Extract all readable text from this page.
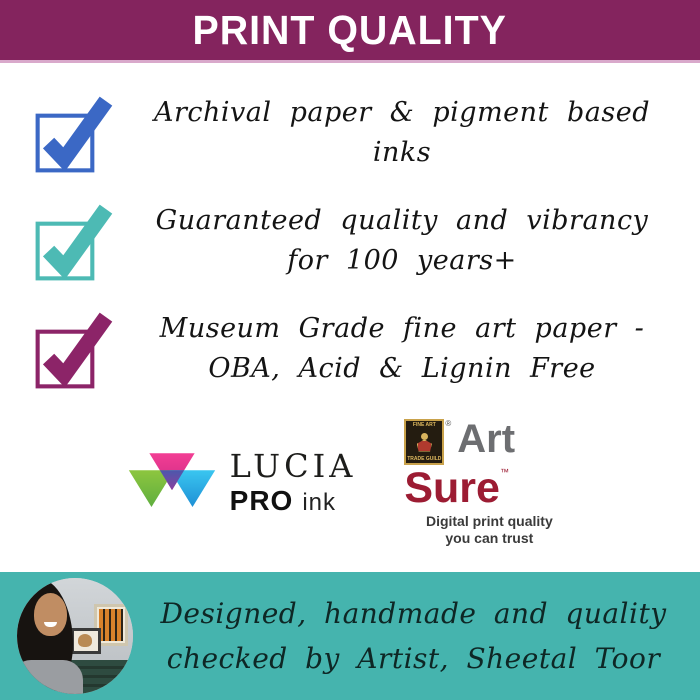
PRINT QUALITY
Archival paper & pigment based inks
Guaranteed quality and vibrancy
for 100 years+
Museum Grade fine art paper -
OBA, Acid & Lignin Free
LUCIA
PRO ink
FINE ART
TRADE GUILD
® Art
Sure™
Digital print quality
you can trust
Designed, handmade and quality
checked by Artist, Sheetal Toor
